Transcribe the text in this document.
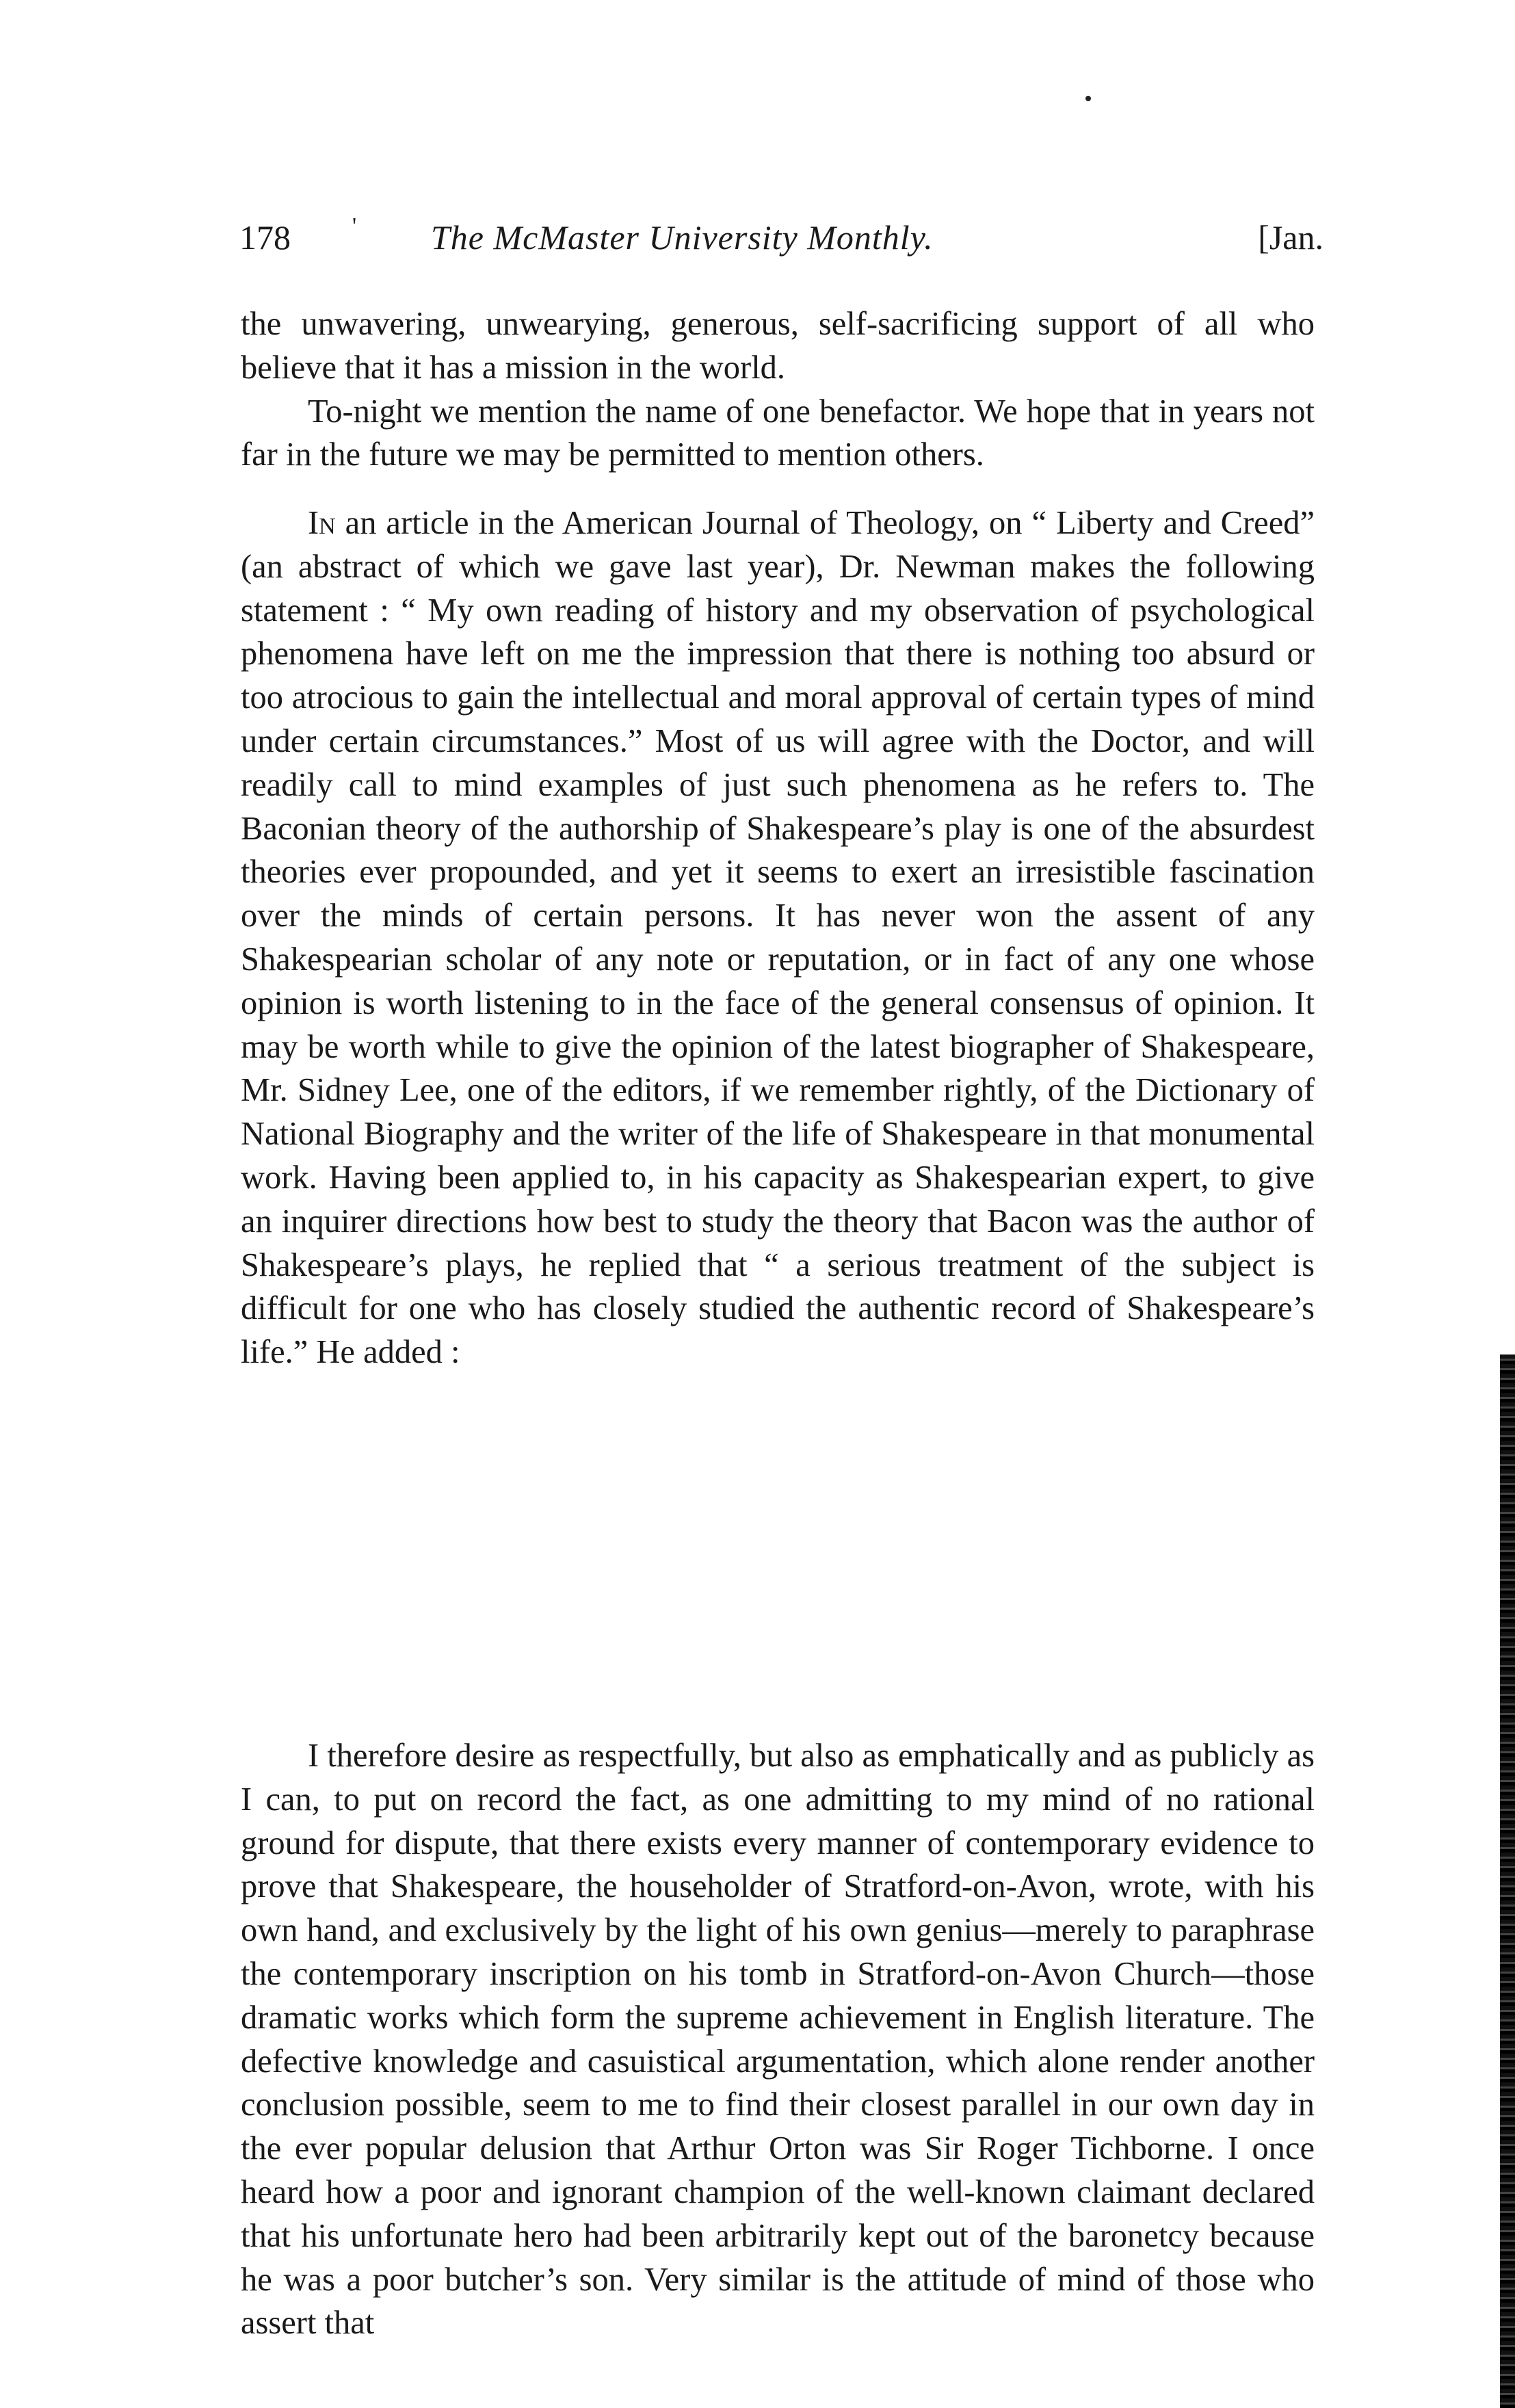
178	' The McMaster University Monthly.	[Jan.

the unwavering, unwearying, generous, self-sacrificing support of all who believe that it has a mission in the world.

To-night we mention the name of one benefactor. We hope that in years not far in the future we may be permitted to mention others.

In an article in the American Journal of Theology, on “ Liberty and Creed” (an abstract of which we gave last year), Dr. Newman makes the following statement : “ My own reading of history and my observation of psychological phenomena have left on me the impression that there is nothing too absurd or too atrocious to gain the intellectual and moral approval of certain types of mind under certain circumstances.” Most of us will agree with the Doctor, and will readily call to mind examples of just such phenomena as he refers to. The Baconian theory of the authorship of Shakespeare’s play is one of the absurdest theories ever propounded, and yet it seems to exert an irresistible fascination over the minds of certain persons. It has never won the assent of any Shakespearian scholar of any note or reputation, or in fact of any one whose opinion is worth listening to in the face of the general consensus of opinion. It may be worth while to give the opinion of the latest biographer of Shakespeare, Mr. Sidney Lee, one of the editors, if we remember rightly, of the Dictionary of National Biography and the writer of the life of Shakespeare in that monumental work. Having been applied to, in his capacity as Shakespearian expert, to give an inquirer directions how best to study the theory that Bacon was the author of Shakespeare’s plays, he replied that “ a serious treatment of the subject is difficult for one who has closely studied the authentic record of Shakespeare’s life.” He added :

I therefore desire as respectfully, but also as emphatically and as publicly as I can, to put on record the fact, as one admitting to my mind of no rational ground for dispute, that there exists every manner of contemporary evidence to prove that Shakespeare, the householder of Stratford-on-Avon, wrote, with his own hand, and exclusively by the light of his own genius—merely to paraphrase the contemporary inscription on his tomb in Stratford-on-Avon Church—those dramatic works which form the supreme achievement in English literature. The defective knowledge and casuistical argumentation, which alone render another conclusion possible, seem to me to find their closest parallel in our own day in the ever popular delusion that Arthur Orton was Sir Roger Tichborne. I once heard how a poor and ignorant champion of the well-known claimant declared that his unfortunate hero had been arbitrarily kept out of the baronetcy because he was a poor butcher’s son. Very similar is the attitude of mind of those who assert that
